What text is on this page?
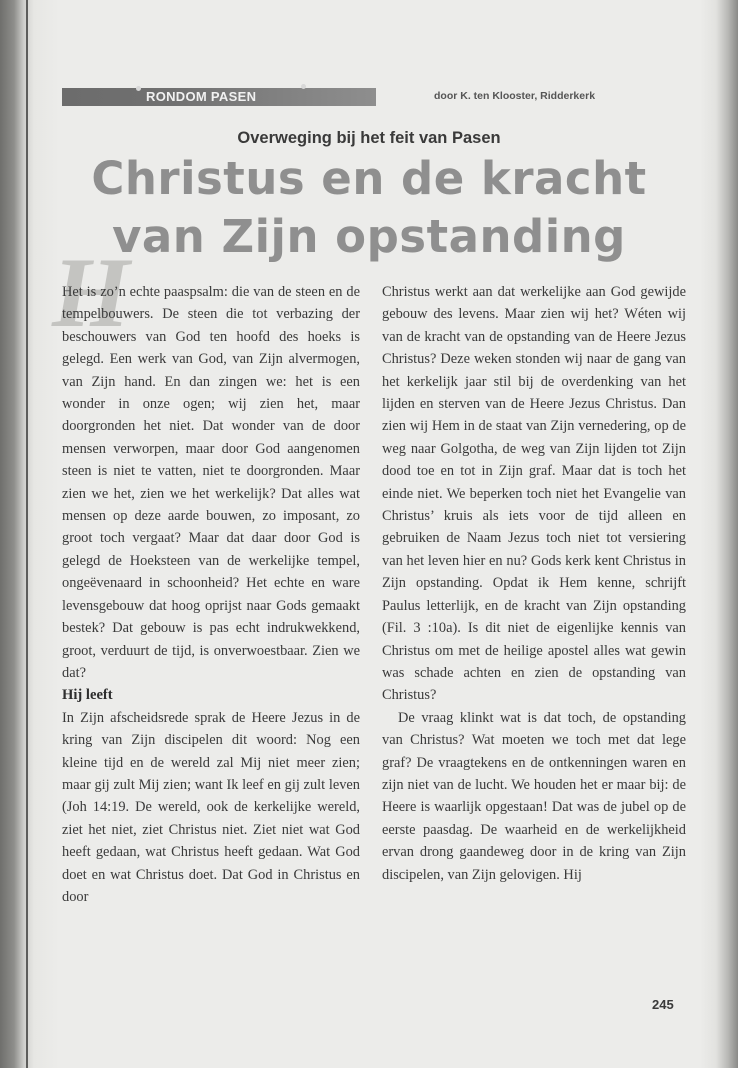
RONDOM PASEN	door K. ten Klooster, Ridderkerk
Overweging bij het feit van Pasen
Christus en de kracht
van Zijn opstanding
H

Het is zo’n echte paaspsalm: die van de steen en de tempelbouwers. De steen die tot verbazing der beschouwers van God ten hoofd des hoeks is gelegd. Een werk van God, van Zijn alvermogen, van Zijn hand. En dan zingen we: het is een wonder in onze ogen; wij zien het, maar doorgronden het niet. Dat wonder van de door mensen verworpen, maar door God aangenomen steen is niet te vatten, niet te doorgronden. Maar zien we het, zien we het werkelijk? Dat alles wat mensen op deze aarde bouwen, zo imposant, zo groot toch vergaat? Maar dat daar door God is gelegd de Hoeksteen van de werkelijke tempel, ongeëvenaard in schoonheid? Het echte en ware levensgebouw dat hoog oprijst naar Gods gemaakt bestek? Dat gebouw is pas echt indrukwekkend, groot, verduurt de tijd, is onverwoestbaar. Zien we dat?

Hij leeft

In Zijn afscheidsrede sprak de Heere Jezus in de kring van Zijn discipelen dit woord: Nog een kleine tijd en de wereld zal Mij niet meer zien; maar gij zult Mij zien; want Ik leef en gij zult leven (Joh 14:19. De wereld, ook de kerkelijke wereld, ziet het niet, ziet Christus niet. Ziet niet wat God heeft gedaan, wat Christus heeft gedaan. Wat God doet en wat Christus doet. Dat God in Christus en door

Christus werkt aan dat werkelijke aan God gewijde gebouw des levens. Maar zien wij het? Wéten wij van de kracht van de opstanding van de Heere Jezus Christus? Deze weken stonden wij naar de gang van het kerkelijk jaar stil bij de overdenking van het lijden en sterven van de Heere Jezus Christus. Dan zien wij Hem in de staat van Zijn vernedering, op de weg naar Golgotha, de weg van Zijn lijden tot Zijn dood toe en tot in Zijn graf. Maar dat is toch het einde niet. We beperken toch niet het Evangelie van Christus’ kruis als iets voor de tijd alleen en gebruiken de Naam Jezus toch niet tot versiering van het leven hier en nu? Gods kerk kent Christus in Zijn opstanding. Opdat ik Hem kenne, schrijft Paulus letterlijk, en de kracht van Zijn opstanding (Fil. 3 :10a). Is dit niet de eigenlijke kennis van Christus om met de heilige apostel alles wat gewin was schade achten en zien de opstanding van Christus?

De vraag klinkt wat is dat toch, de opstanding van Christus? Wat moeten we toch met dat lege graf? De vraagtekens en de ontkenningen waren en zijn niet van de lucht. We houden het er maar bij: de Heere is waarlijk opgestaan! Dat was de jubel op de eerste paasdag. De waarheid en de werkelijkheid ervan drong gaandeweg door in de kring van Zijn discipelen, van Zijn gelovigen. Hij

245
